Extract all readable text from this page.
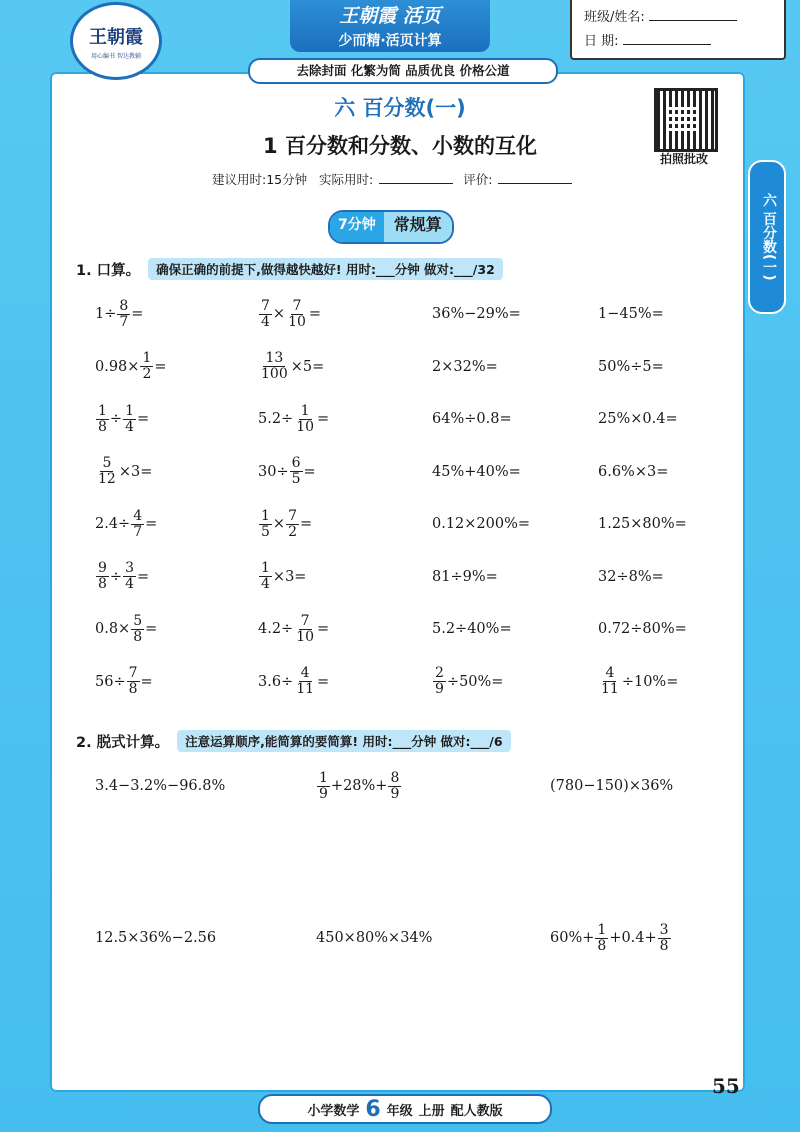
王朝霞
用心编书 智达教辅
王朝霞 活页
少而精·活页计算
去除封面 化繁为简 品质优良 价格公道
班级/姓名:
日 期:
拍照批改
六 百分数(一)
六 百分数(一)
1 百分数和分数、小数的互化
建议用时:15分钟 实际用时:	评价:
7分钟	常规算
1. 口算。	确保正确的前提下,做得越快越好! 用时:___分钟 做对:___/32
2. 脱式计算。	注意运算顺序,能简算的要简算! 用时:___分钟 做对:___/6
$1\div \frac{8}{7}$ =	$\frac{7}{4} \times \frac{7}{10}$ =	36%−29%=	1−45%=
$0.98\times \frac{1}{2}$ =	$\frac{13}{100} \times 5=$	2×32%=	50%÷5=
$\frac{1}{8} \div \frac{1}{4}$ =	$5.2\div \frac{1}{10}$ =	64%÷0.8=	25%×0.4=
$\frac{5}{12} \times 3=$	$30\div \frac{6}{5}$ =	45%+40%=	6.6%×3=
$2.4\div \frac{4}{7}$ =	$\frac{1}{5} \times \frac{7}{2}$ =	0.12×200%=	1.25×80%=
$\frac{9}{8} \div \frac{3}{4}$ =	$\frac{1}{4} \times 3=$	81÷9%=	32÷8%=
$0.8\times \frac{5}{8}$ =	$4.2\div \frac{7}{10}$ =	5.2÷40%=	0.72÷80%=
$56\div \frac{7}{8}$ =	$3.6\div \frac{4}{11}$ =	$\frac{2}{9} \div 50\%=$	$\frac{4}{11} \div 10\%=$
3.4−3.2%−96.8%	$\frac{1}{9} +28\%+ \frac{8}{9}$	(780−150)×36%
12.5×36%−2.56	450×80%×34%	$60\%+ \frac{1}{8} +0.4+ \frac{3}{8}$
小学数学 6 年级 上册 配人教版
55
